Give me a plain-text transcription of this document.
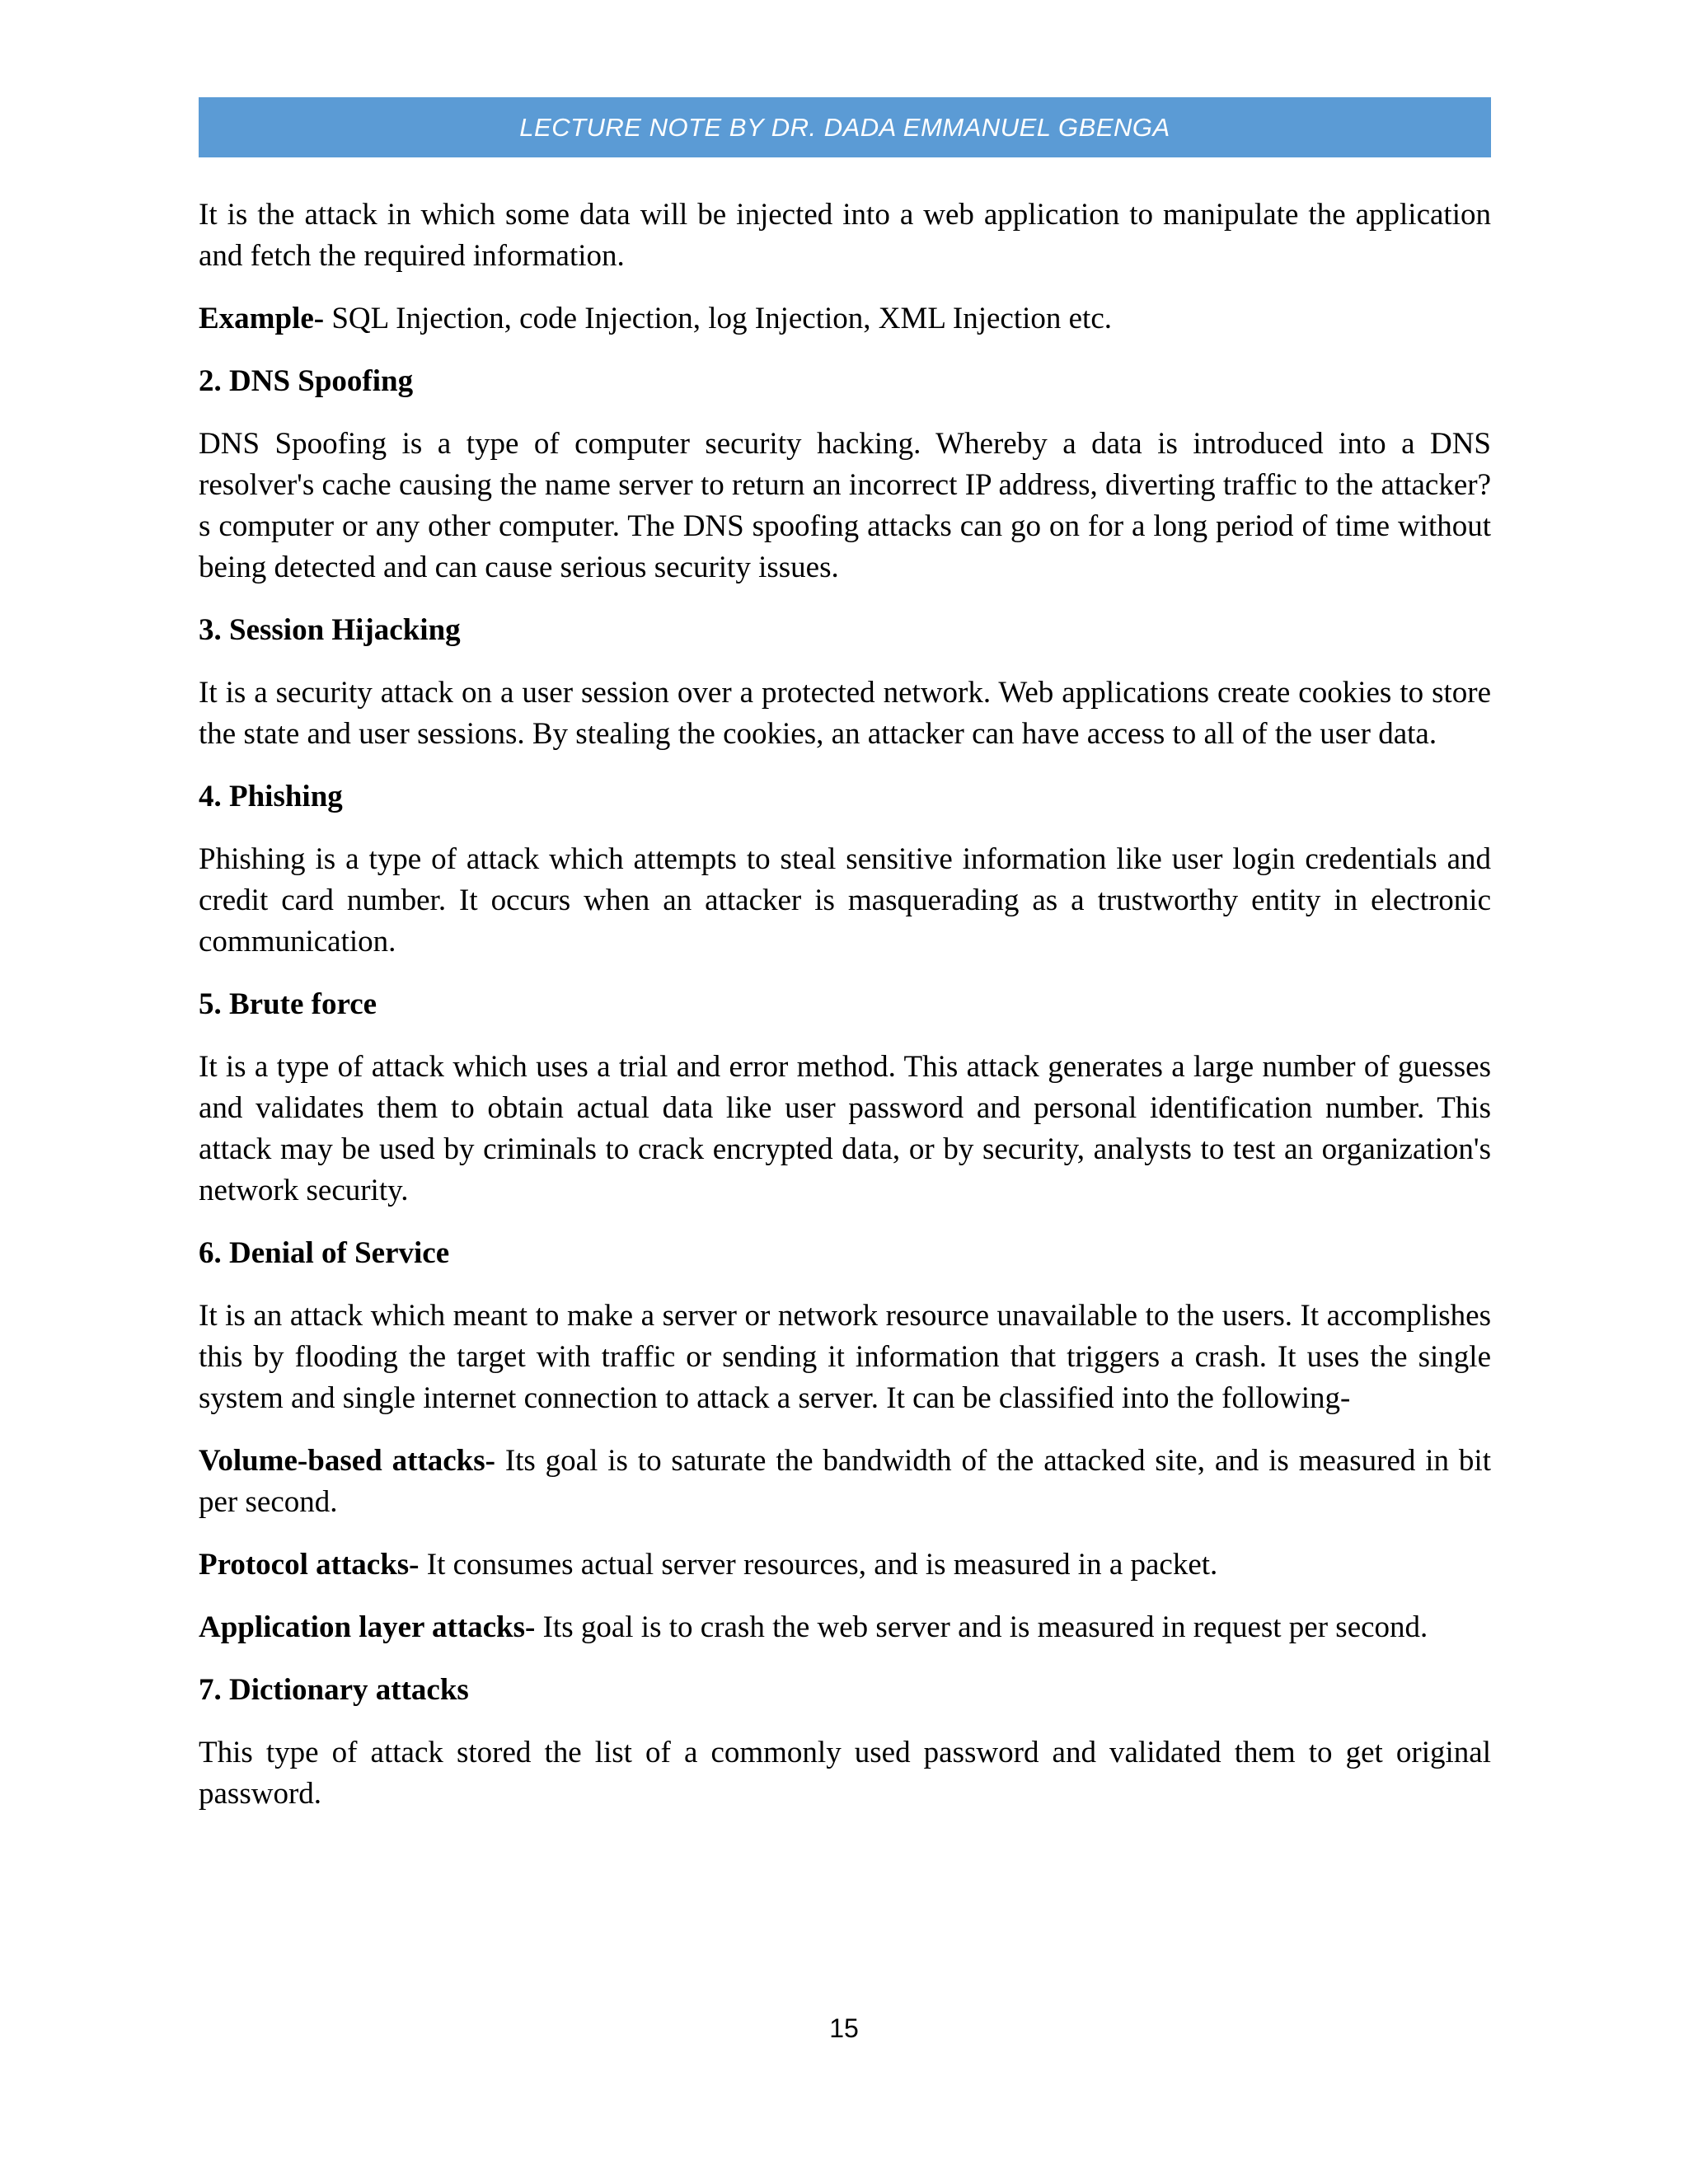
LECTURE NOTE BY DR. DADA EMMANUEL GBENGA

It is the attack in which some data will be injected into a web application to manipulate the application and fetch the required information.

Example- SQL Injection, code Injection, log Injection, XML Injection etc.

2. DNS Spoofing

DNS Spoofing is a type of computer security hacking. Whereby a data is introduced into a DNS resolver's cache causing the name server to return an incorrect IP address, diverting traffic to the attacker?s computer or any other computer. The DNS spoofing attacks can go on for a long period of time without being detected and can cause serious security issues.

3. Session Hijacking

It is a security attack on a user session over a protected network. Web applications create cookies to store the state and user sessions. By stealing the cookies, an attacker can have access to all of the user data.

4. Phishing

Phishing is a type of attack which attempts to steal sensitive information like user login credentials and credit card number. It occurs when an attacker is masquerading as a trustworthy entity in electronic communication.

5. Brute force

It is a type of attack which uses a trial and error method. This attack generates a large number of guesses and validates them to obtain actual data like user password and personal identification number. This attack may be used by criminals to crack encrypted data, or by security, analysts to test an organization's network security.

6. Denial of Service

It is an attack which meant to make a server or network resource unavailable to the users. It accomplishes this by flooding the target with traffic or sending it information that triggers a crash. It uses the single system and single internet connection to attack a server. It can be classified into the following-

Volume-based attacks- Its goal is to saturate the bandwidth of the attacked site, and is measured in bit per second.

Protocol attacks- It consumes actual server resources, and is measured in a packet.

Application layer attacks- Its goal is to crash the web server and is measured in request per second.

7. Dictionary attacks

This type of attack stored the list of a commonly used password and validated them to get original password.

15
